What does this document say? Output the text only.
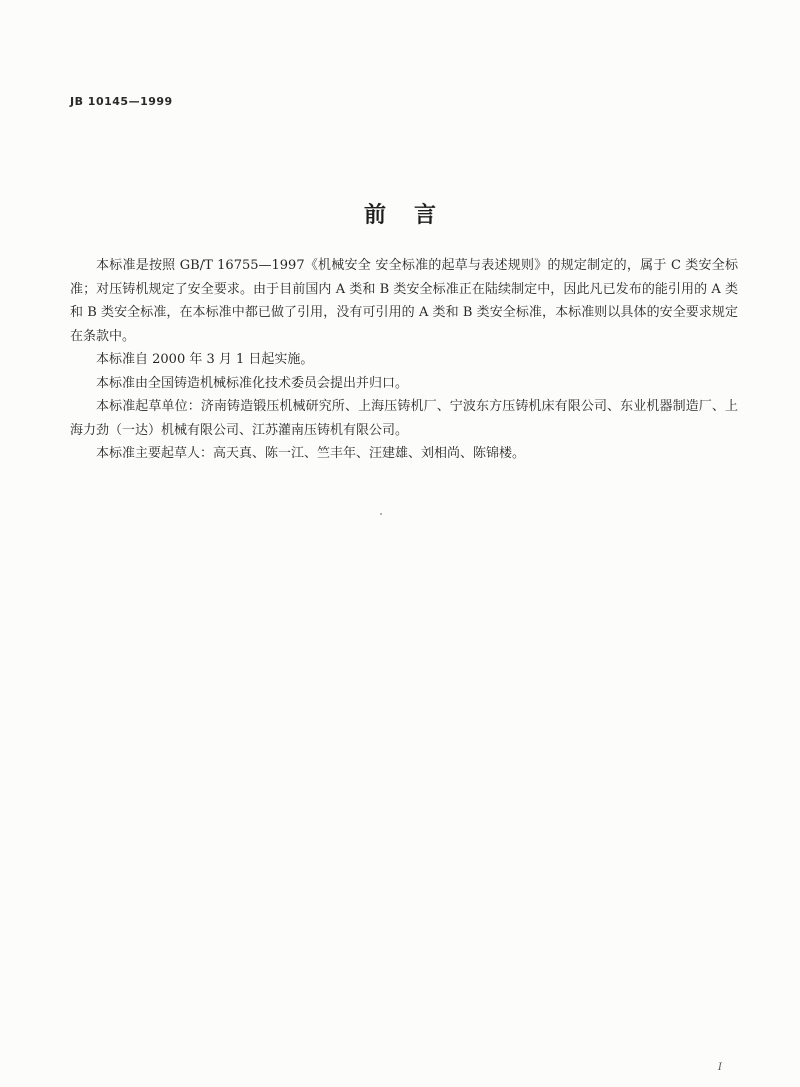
JB 10145—1999
前言

本标准是按照 GB/T 16755—1997《机械安全 安全标准的起草与表述规则》的规定制定的，属于 C 类安全标准；对压铸机规定了安全要求。由于目前国内 A 类和 B 类安全标准正在陆续制定中，因此凡已发布的能引用的 A 类和 B 类安全标准，在本标准中都已做了引用，没有可引用的 A 类和 B 类安全标准，本标准则以具体的安全要求规定在条款中。

本标准自 2000 年 3 月 1 日起实施。

本标准由全国铸造机械标准化技术委员会提出并归口。

本标准起草单位：济南铸造锻压机械研究所、上海压铸机厂、宁波东方压铸机床有限公司、东业机器制造厂、上海力劲（一达）机械有限公司、江苏灌南压铸机有限公司。

本标准主要起草人：高天真、陈一江、竺丰年、汪建雄、刘相尚、陈锦楼。

I
